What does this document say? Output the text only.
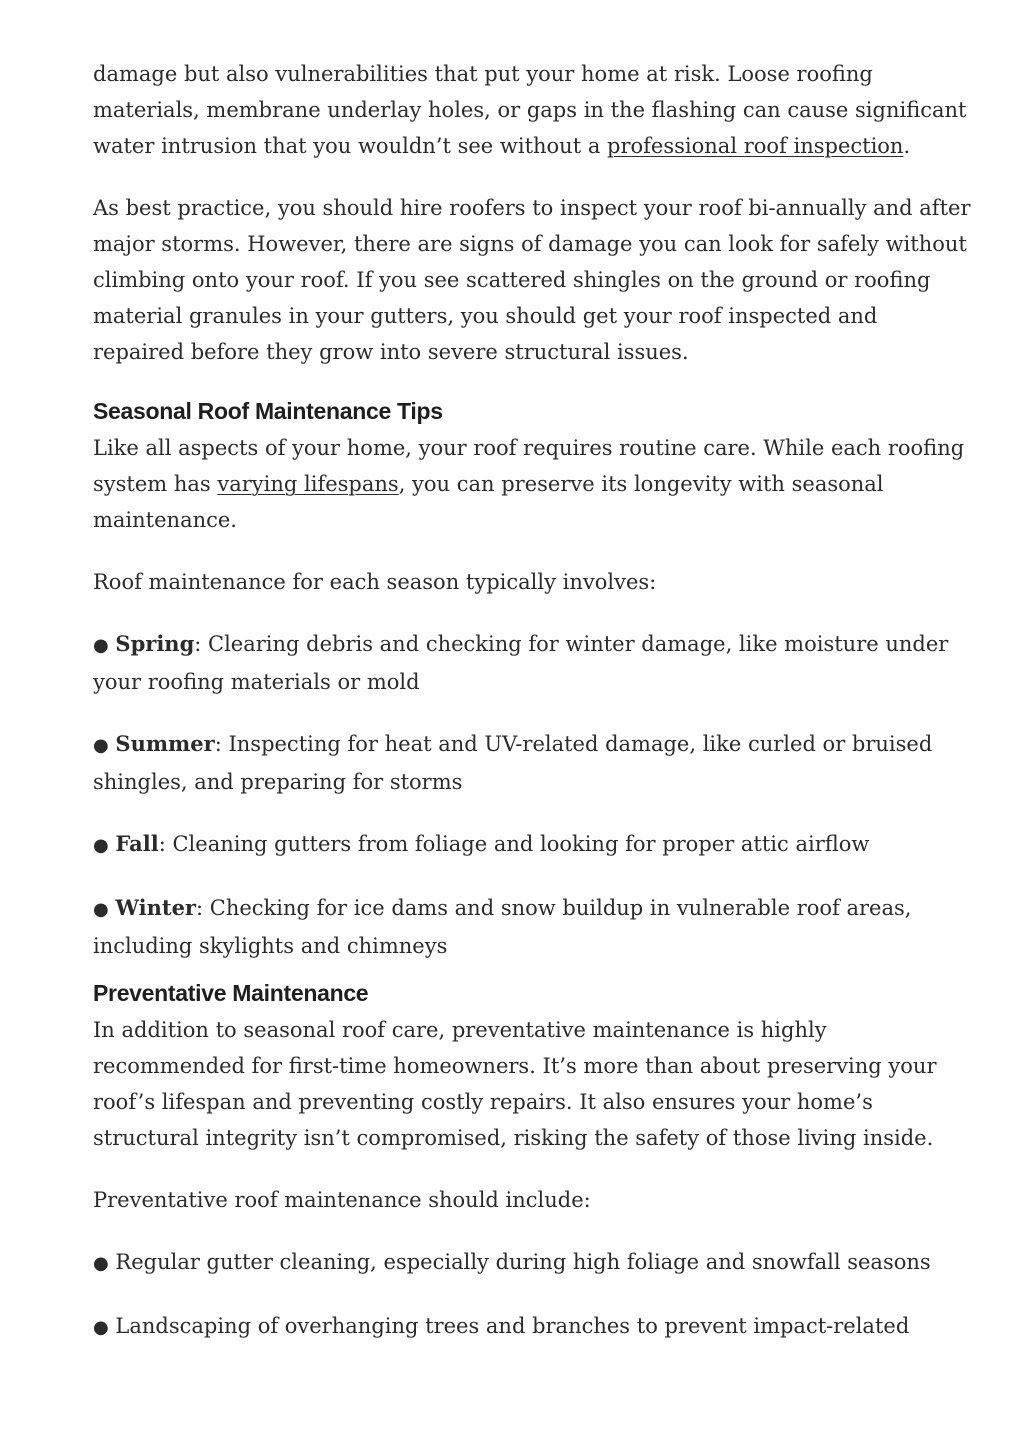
damage but also vulnerabilities that put your home at risk. Loose roofing materials, membrane underlay holes, or gaps in the flashing can cause significant water intrusion that you wouldn’t see without a professional roof inspection.

As best practice, you should hire roofers to inspect your roof bi-annually and after major storms. However, there are signs of damage you can look for safely without climbing onto your roof. If you see scattered shingles on the ground or roofing material granules in your gutters, you should get your roof inspected and repaired before they grow into severe structural issues.

Seasonal Roof Maintenance Tips

Like all aspects of your home, your roof requires routine care. While each roofing system has varying lifespans, you can preserve its longevity with seasonal maintenance.

Roof maintenance for each season typically involves:

● Spring: Clearing debris and checking for winter damage, like moisture under your roofing materials or mold

● Summer: Inspecting for heat and UV-related damage, like curled or bruised shingles, and preparing for storms

● Fall: Cleaning gutters from foliage and looking for proper attic airflow

● Winter: Checking for ice dams and snow buildup in vulnerable roof areas, including skylights and chimneys

Preventative Maintenance

In addition to seasonal roof care, preventative maintenance is highly recommended for first-time homeowners. It’s more than about preserving your roof’s lifespan and preventing costly repairs. It also ensures your home’s structural integrity isn’t compromised, risking the safety of those living inside.

Preventative roof maintenance should include:

● Regular gutter cleaning, especially during high foliage and snowfall seasons

● Landscaping of overhanging trees and branches to prevent impact-related
